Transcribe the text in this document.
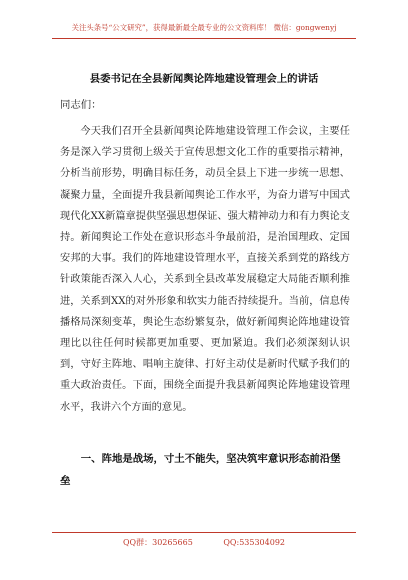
关注头条号“公文研究”，获得最新最全最专业的公文资料库！ 微信：gongwenyj
县委书记在全县新闻舆论阵地建设管理会上的讲话
同志们：

今天我们召开全县新闻舆论阵地建设管理工作会议，主要任务是深入学习贯彻上级关于宣传思想文化工作的重要指示精神，分析当前形势，明确目标任务，动员全县上下进一步统一思想、凝聚力量，全面提升我县新闻舆论工作水平，为奋力谱写中国式现代化XX新篇章提供坚强思想保证、强大精神动力和有力舆论支持。新闻舆论工作处在意识形态斗争最前沿，是治国理政、定国安邦的大事。我们的阵地建设管理水平，直接关系到党的路线方针政策能否深入人心，关系到全县改革发展稳定大局能否顺利推进，关系到XX的对外形象和软实力能否持续提升。当前，信息传播格局深刻变革，舆论生态纷繁复杂，做好新闻舆论阵地建设管理比以往任何时候都更加重要、更加紧迫。我们必须深刻认识到，守好主阵地、唱响主旋律、打好主动仗是新时代赋予我们的重大政治责任。下面，围绕全面提升我县新闻舆论阵地建设管理水平，我讲六个方面的意见。

一、阵地是战场，寸土不能失，坚决筑牢意识形态前沿堡垒

QQ群：30265665	QQ:535304092
